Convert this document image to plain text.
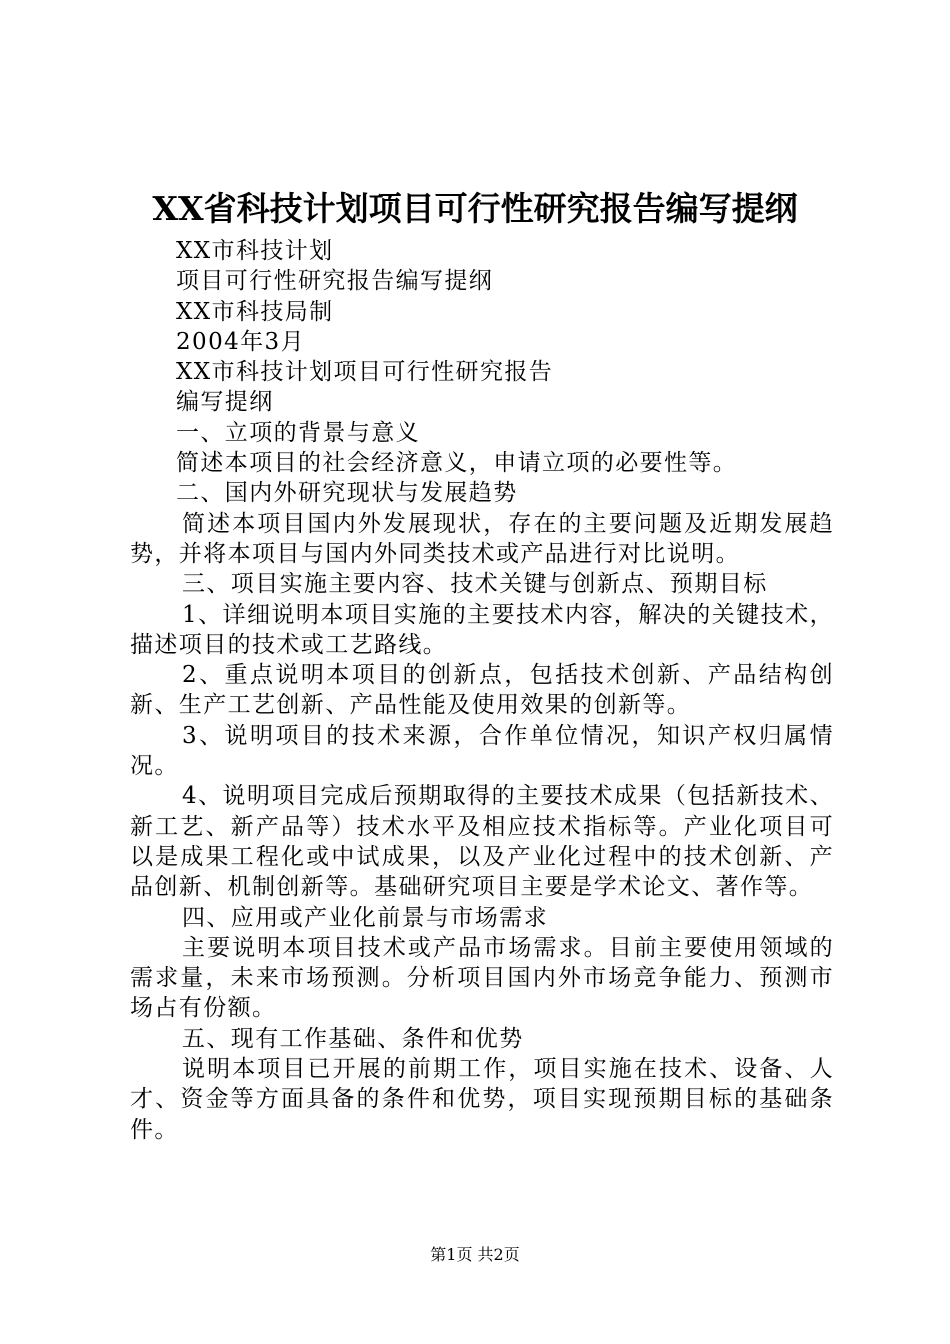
XX省科技计划项目可行性研究报告编写提纲

XX市科技计划

项目可行性研究报告编写提纲

XX市科技局制

2004年3月

XX市科技计划项目可行性研究报告

编写提纲

一、立项的背景与意义

简述本项目的社会经济意义，申请立项的必要性等。

二、国内外研究现状与发展趋势

简述本项目国内外发展现状，存在的主要问题及近期发展趋势，并将本项目与国内外同类技术或产品进行对比说明。

三、项目实施主要内容、技术关键与创新点、预期目标

1、详细说明本项目实施的主要技术内容，解决的关键技术，描述项目的技术或工艺路线。

2、重点说明本项目的创新点，包括技术创新、产品结构创新、生产工艺创新、产品性能及使用效果的创新等。

3、说明项目的技术来源，合作单位情况，知识产权归属情况。

4、说明项目完成后预期取得的主要技术成果（包括新技术、新工艺、新产品等）技术水平及相应技术指标等。产业化项目可以是成果工程化或中试成果，以及产业化过程中的技术创新、产品创新、机制创新等。基础研究项目主要是学术论文、著作等。

四、应用或产业化前景与市场需求

主要说明本项目技术或产品市场需求。目前主要使用领域的需求量，未来市场预测。分析项目国内外市场竞争能力、预测市场占有份额。

五、现有工作基础、条件和优势

说明本项目已开展的前期工作，项目实施在技术、设备、人才、资金等方面具备的条件和优势，项目实现预期目标的基础条件。

第1页 共2页
